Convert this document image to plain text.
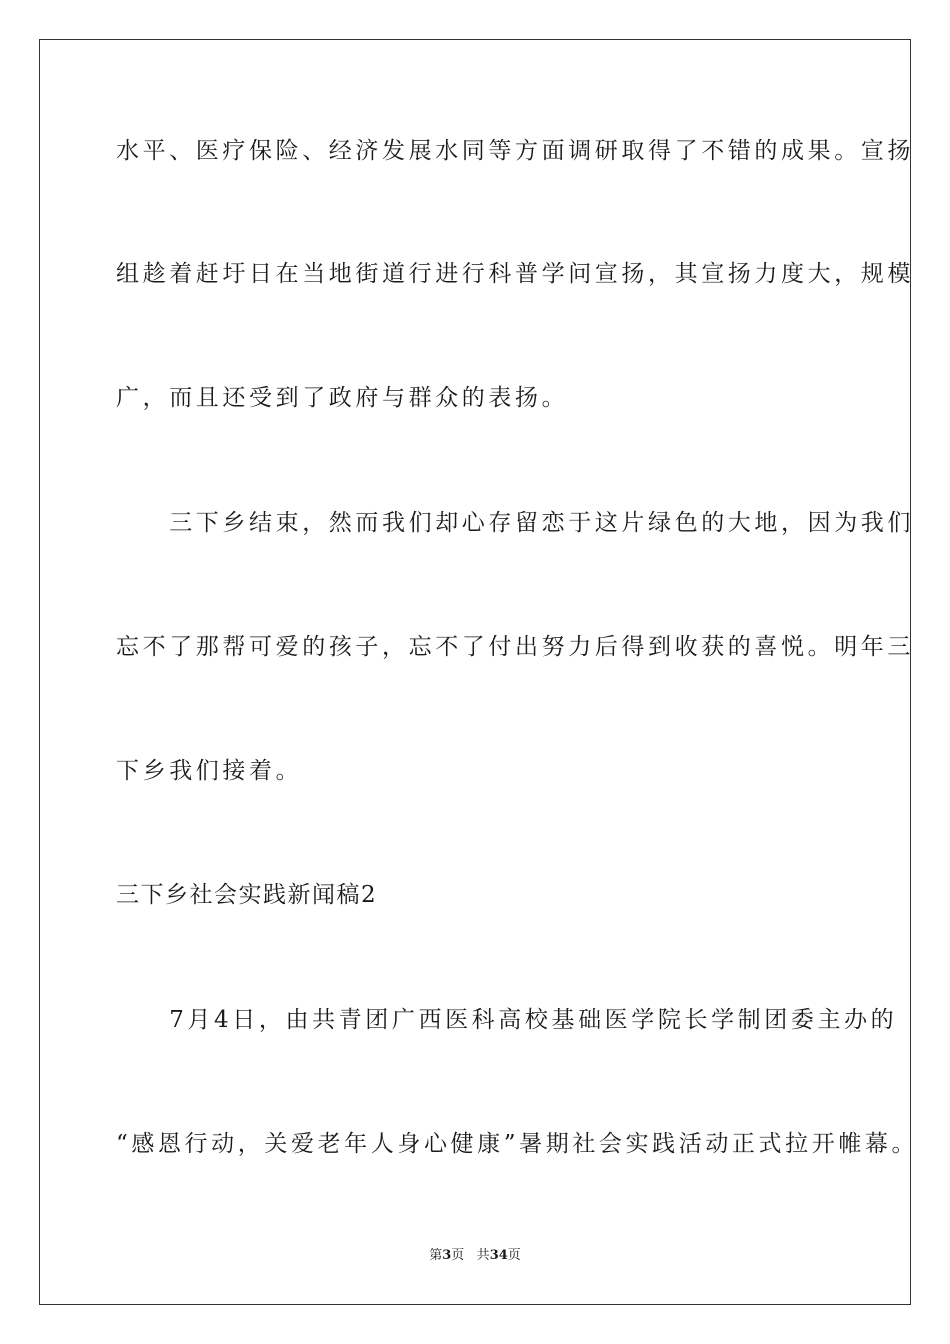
水平、医疗保险、经济发展水同等方面调研取得了不错的成果。宣扬
组趁着赶圩日在当地街道行进行科普学问宣扬，其宣扬力度大，规模
广，而且还受到了政府与群众的表扬。
　　三下乡结束，然而我们却心存留恋于这片绿色的大地，因为我们
忘不了那帮可爱的孩子，忘不了付出努力后得到收获的喜悦。明年三
下乡我们接着。
三下乡社会实践新闻稿2
　　7月4日，由共青团广西医科高校基础医学院长学制团委主办的
“感恩行动，关爱老年人身心健康”暑期社会实践活动正式拉开帷幕。
第3页 共34页
